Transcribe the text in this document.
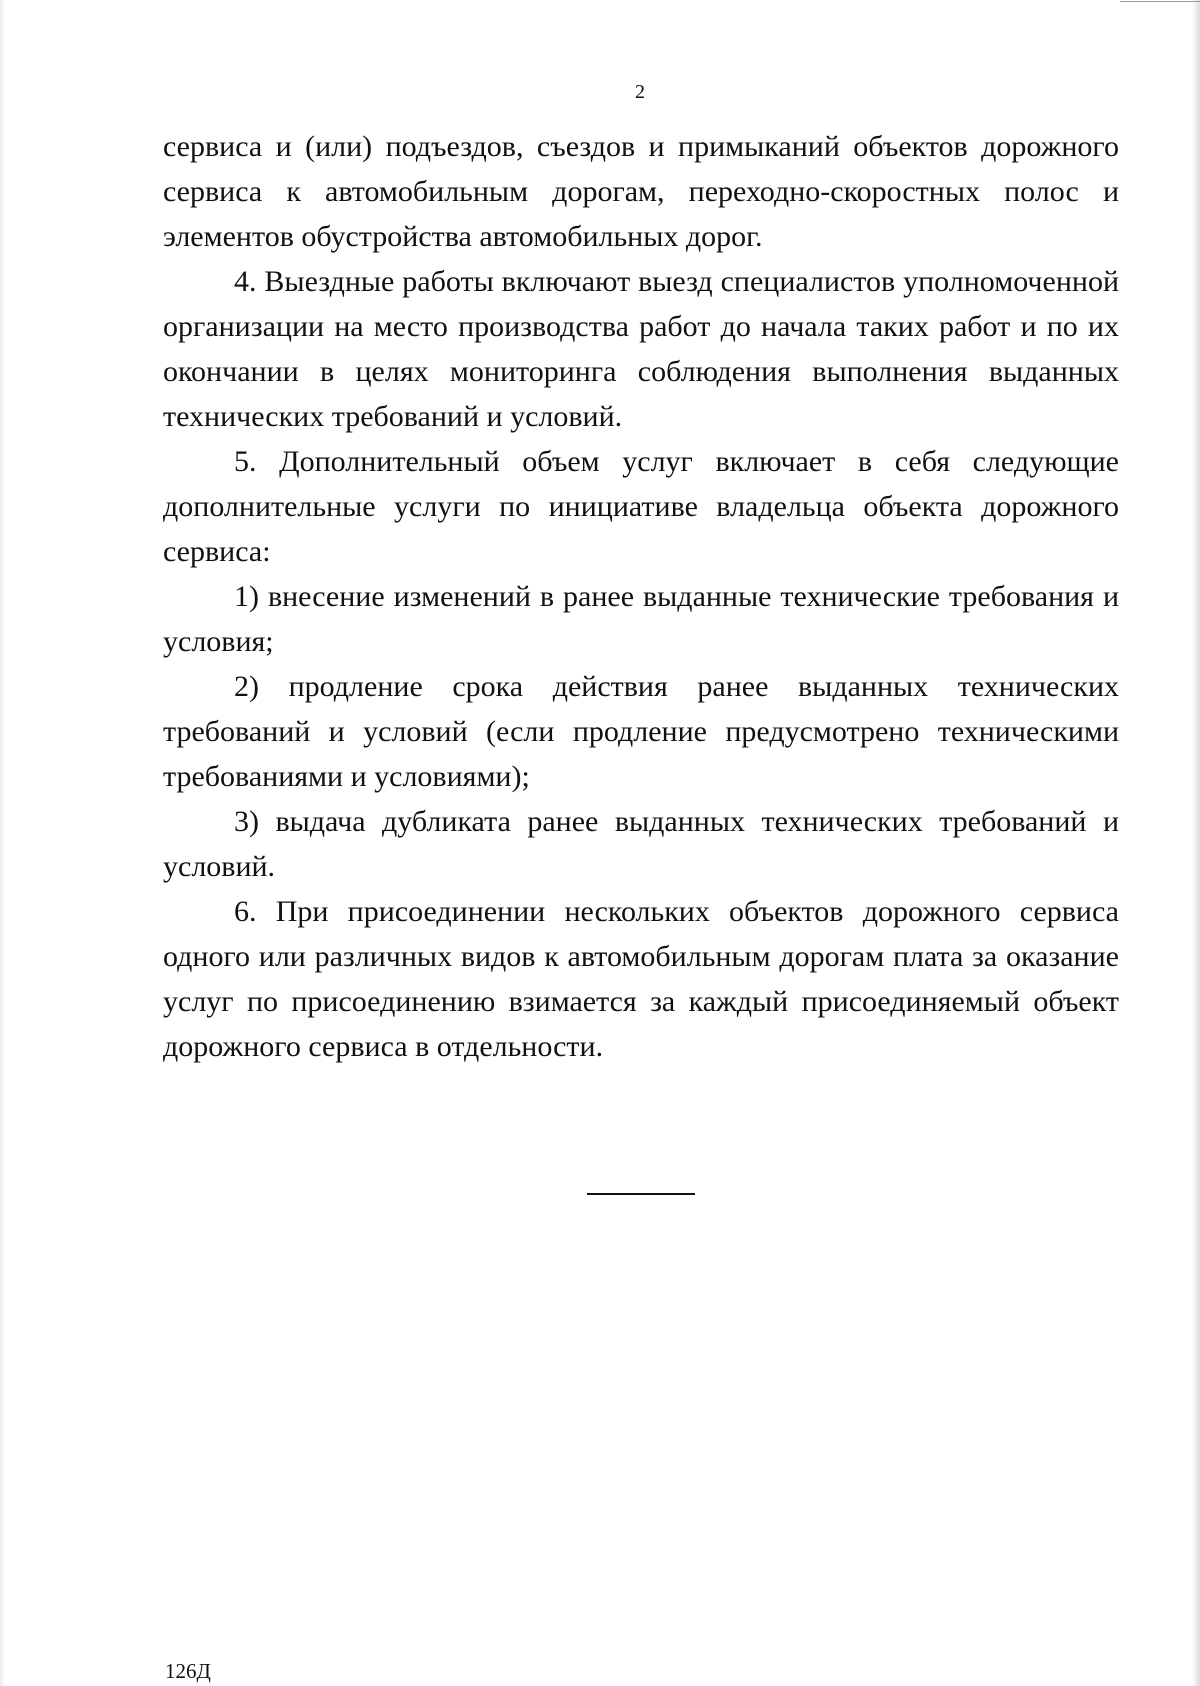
2

сервиса и (или) подъездов, съездов и примыканий объектов дорожного сервиса к автомобильным дорогам, переходно-скоростных полос и элементов обустройства автомобильных дорог.

4. Выездные работы включают выезд специалистов уполномоченной организации на место производства работ до начала таких работ и по их окончании в целях мониторинга соблюдения выполнения выданных технических требований и условий.

5. Дополнительный объем услуг включает в себя следующие дополнительные услуги по инициативе владельца объекта дорожного сервиса:

1) внесение изменений в ранее выданные технические требования и условия;

2) продление срока действия ранее выданных технических требований и условий (если продление предусмотрено техническими требованиями и условиями);

3) выдача дубликата ранее выданных технических требований и условий.

6. При присоединении нескольких объектов дорожного сервиса одного или различных видов к автомобильным дорогам плата за оказание услуг по присоединению взимается за каждый присоединяемый объект дорожного сервиса в отдельности.

126Д
